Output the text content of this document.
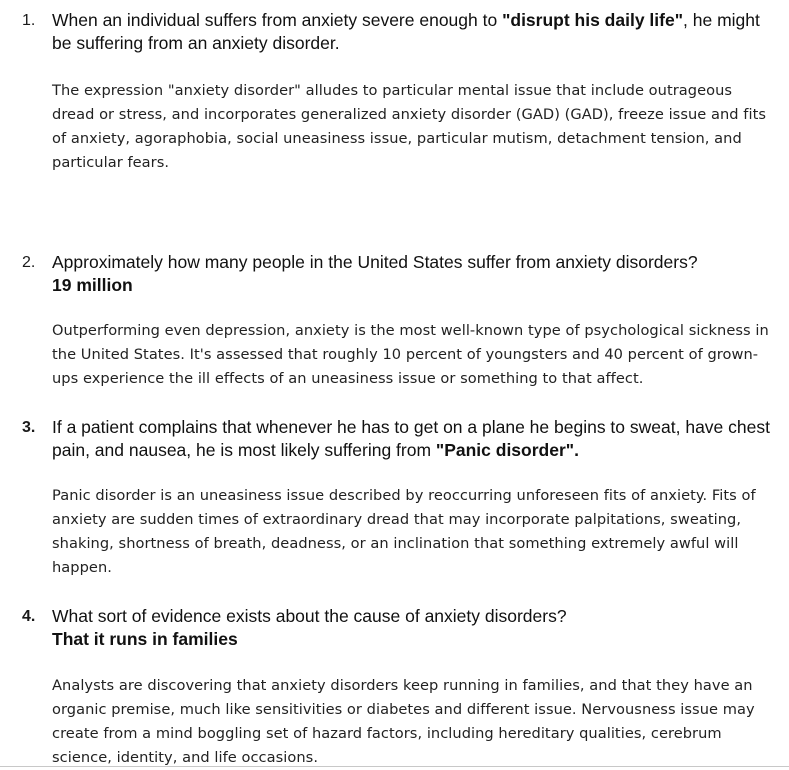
1. When an individual suffers from anxiety severe enough to "disrupt his daily life", he might be suffering from an anxiety disorder.
The expression "anxiety disorder" alludes to particular mental issue that include outrageous dread or stress, and incorporates generalized anxiety disorder (GAD) (GAD), freeze issue and fits of anxiety, agoraphobia, social uneasiness issue, particular mutism, detachment tension, and particular fears.
2. Approximately how many people in the United States suffer from anxiety disorders?
19 million
Outperforming even depression, anxiety is the most well-known type of psychological sickness in the United States. It's assessed that roughly 10 percent of youngsters and 40 percent of grown-ups experience the ill effects of an uneasiness issue or something to that affect.
3. If a patient complains that whenever he has to get on a plane he begins to sweat, have chest pain, and nausea, he is most likely suffering from "Panic disorder".
Panic disorder is an uneasiness issue described by reoccurring unforeseen fits of anxiety. Fits of anxiety are sudden times of extraordinary dread that may incorporate palpitations, sweating, shaking, shortness of breath, deadness, or an inclination that something extremely awful will happen.
4. What sort of evidence exists about the cause of anxiety disorders?
That it runs in families
Analysts are discovering that anxiety disorders keep running in families, and that they have an organic premise, much like sensitivities or diabetes and different issue. Nervousness issue may create from a mind boggling set of hazard factors, including hereditary qualities, cerebrum science, identity, and life occasions.
